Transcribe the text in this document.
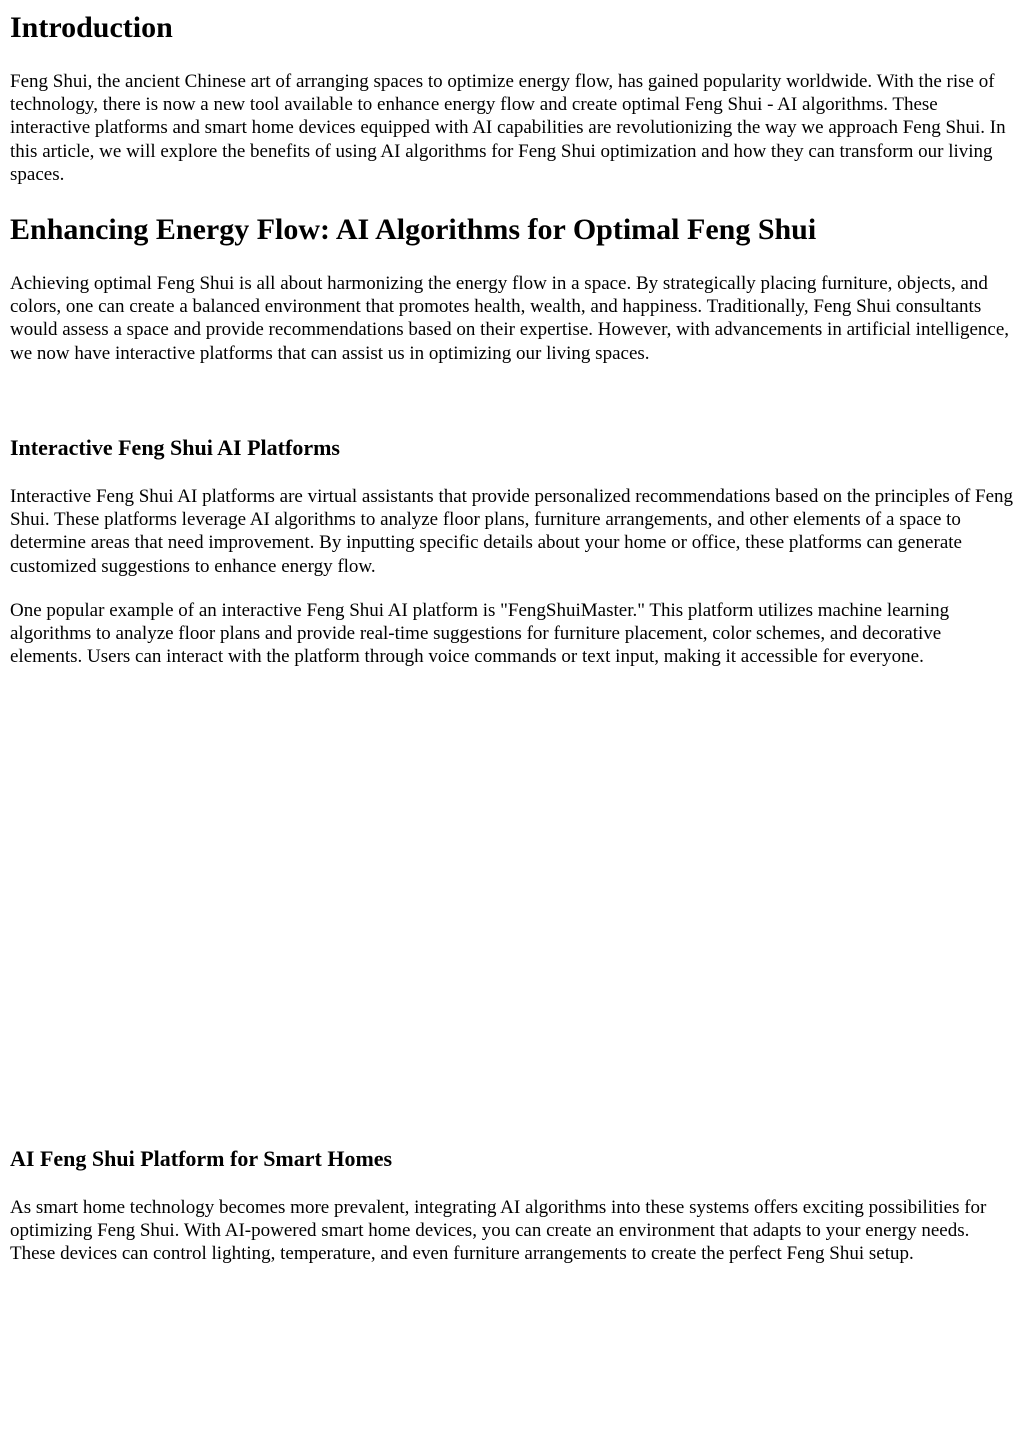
Introduction

Feng Shui, the ancient Chinese art of arranging spaces to optimize energy flow, has gained popularity worldwide. With the rise of technology, there is now a new tool available to enhance energy flow and create optimal Feng Shui - AI algorithms. These interactive platforms and smart home devices equipped with AI capabilities are revolutionizing the way we approach Feng Shui. In this article, we will explore the benefits of using AI algorithms for Feng Shui optimization and how they can transform our living spaces.

Enhancing Energy Flow: AI Algorithms for Optimal Feng Shui

Achieving optimal Feng Shui is all about harmonizing the energy flow in a space. By strategically placing furniture, objects, and colors, one can create a balanced environment that promotes health, wealth, and happiness. Traditionally, Feng Shui consultants would assess a space and provide recommendations based on their expertise. However, with advancements in artificial intelligence, we now have interactive platforms that can assist us in optimizing our living spaces.

Interactive Feng Shui AI Platforms

Interactive Feng Shui AI platforms are virtual assistants that provide personalized recommendations based on the principles of Feng Shui. These platforms leverage AI algorithms to analyze floor plans, furniture arrangements, and other elements of a space to determine areas that need improvement. By inputting specific details about your home or office, these platforms can generate customized suggestions to enhance energy flow.

One popular example of an interactive Feng Shui AI platform is "FengShuiMaster." This platform utilizes machine learning algorithms to analyze floor plans and provide real-time suggestions for furniture placement, color schemes, and decorative elements. Users can interact with the platform through voice commands or text input, making it accessible for everyone.

AI Feng Shui Platform for Smart Homes

As smart home technology becomes more prevalent, integrating AI algorithms into these systems offers exciting possibilities for optimizing Feng Shui. With AI-powered smart home devices, you can create an environment that adapts to your energy needs. These devices can control lighting, temperature, and even furniture arrangements to create the perfect Feng Shui setup.
